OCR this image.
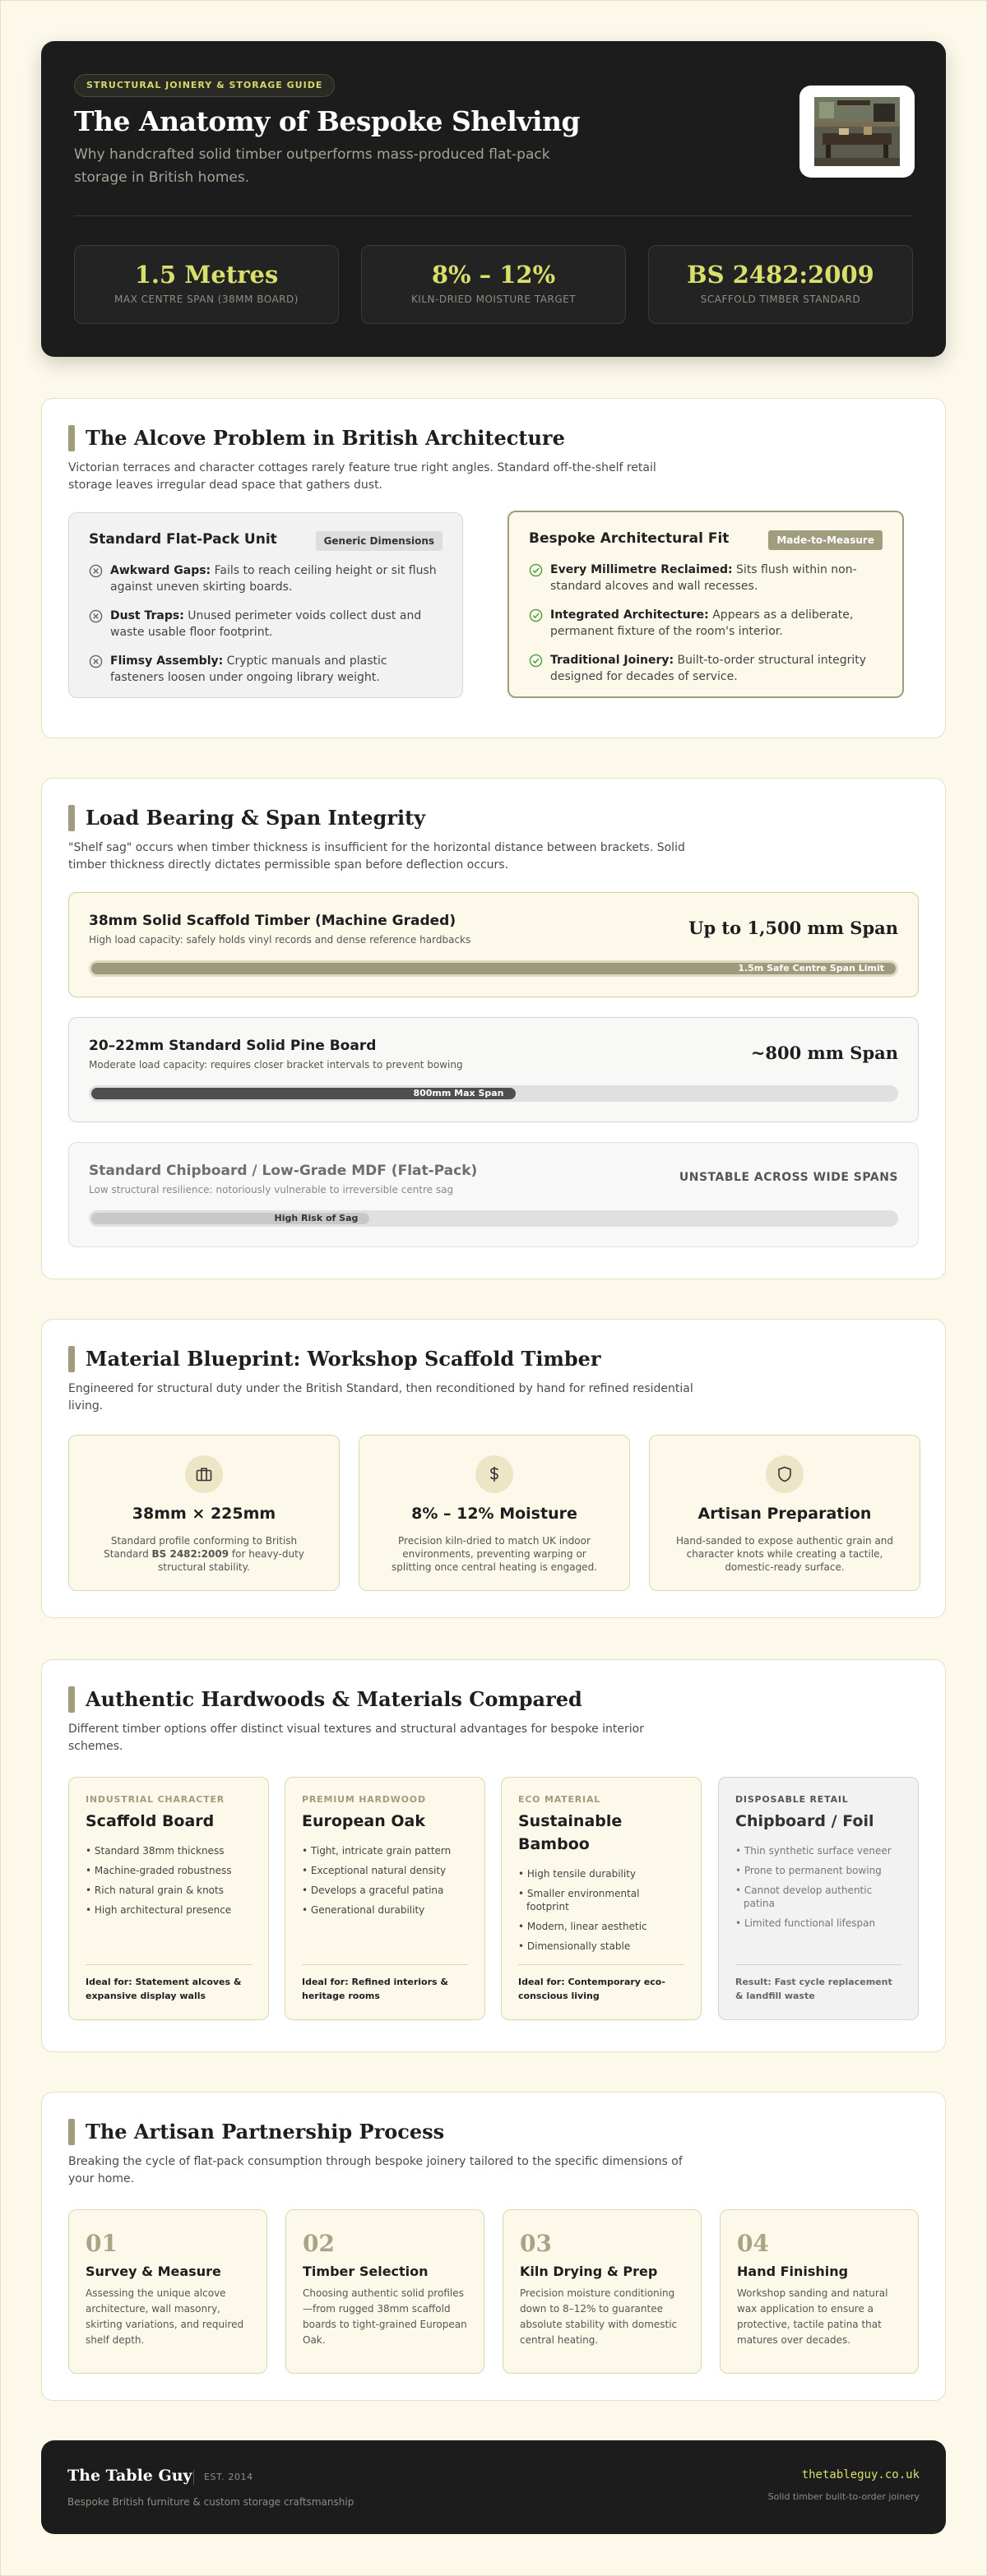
STRUCTURAL JOINERY & STORAGE GUIDE
The Anatomy of Bespoke Shelving

Why handcrafted solid timber outperforms mass-produced flat-pack storage in British homes.

1.5 Metres
MAX CENTRE SPAN (38MM BOARD)
8% – 12%
KILN-DRIED MOISTURE TARGET
BS 2482:2009
SCAFFOLD TIMBER STANDARD
The Alcove Problem in British Architecture

Victorian terraces and character cottages rarely feature true right angles. Standard off-the-shelf retail storage leaves irregular dead space that gathers dust.

Standard Flat-Pack Unit	Generic Dimensions
Awkward Gaps: Fails to reach ceiling height or sit flush against uneven skirting boards.
Dust Traps: Unused perimeter voids collect dust and waste usable floor footprint.
Flimsy Assembly: Cryptic manuals and plastic fasteners loosen under ongoing library weight.
Bespoke Architectural Fit	Made-to-Measure
Every Millimetre Reclaimed: Sits flush within non-standard alcoves and wall recesses.
Integrated Architecture: Appears as a deliberate, permanent fixture of the room's interior.
Traditional Joinery: Built-to-order structural integrity designed for decades of service.
Load Bearing & Span Integrity

"Shelf sag" occurs when timber thickness is insufficient for the horizontal distance between brackets. Solid timber thickness directly dictates permissible span before deflection occurs.

38mm Solid Scaffold Timber (Machine Graded)
High load capacity: safely holds vinyl records and dense reference hardbacks
Up to 1,500 mm Span
1.5m Safe Centre Span Limit
20–22mm Standard Solid Pine Board
Moderate load capacity: requires closer bracket intervals to prevent bowing
~800 mm Span
800mm Max Span
Standard Chipboard / Low-Grade MDF (Flat-Pack)
Low structural resilience: notoriously vulnerable to irreversible centre sag
UNSTABLE ACROSS WIDE SPANS
High Risk of Sag
Material Blueprint: Workshop Scaffold Timber

Engineered for structural duty under the British Standard, then reconditioned by hand for refined residential living.

38mm × 225mm
Standard profile conforming to British Standard BS 2482:2009 for heavy-duty structural stability.
8% – 12% Moisture
Precision kiln-dried to match UK indoor environments, preventing warping or splitting once central heating is engaged.
Artisan Preparation
Hand-sanded to expose authentic grain and character knots while creating a tactile, domestic-ready surface.
Authentic Hardwoods & Materials Compared

Different timber options offer distinct visual textures and structural advantages for bespoke interior schemes.

INDUSTRIAL CHARACTER
Scaffold Board
• Standard 38mm thickness
• Machine-graded robustness
• Rich natural grain & knots
• High architectural presence
Ideal for: Statement alcoves & expansive display walls
PREMIUM HARDWOOD
European Oak
• Tight, intricate grain pattern
• Exceptional natural density
• Develops a graceful patina
• Generational durability
Ideal for: Refined interiors & heritage rooms
ECO MATERIAL
Sustainable Bamboo
• High tensile durability
• Smaller environmental footprint
• Modern, linear aesthetic
• Dimensionally stable
Ideal for: Contemporary eco-conscious living
DISPOSABLE RETAIL
Chipboard / Foil
• Thin synthetic surface veneer
• Prone to permanent bowing
• Cannot develop authentic patina
• Limited functional lifespan
Result: Fast cycle replacement & landfill waste
The Artisan Partnership Process

Breaking the cycle of flat-pack consumption through bespoke joinery tailored to the specific dimensions of your home.

01
Survey & Measure
Assessing the unique alcove architecture, wall masonry, skirting variations, and required shelf depth.
02
Timber Selection
Choosing authentic solid profiles—from rugged 38mm scaffold boards to tight-grained European Oak.
03
Kiln Drying & Prep
Precision moisture conditioning down to 8–12% to guarantee absolute stability with domestic central heating.
04
Hand Finishing
Workshop sanding and natural wax application to ensure a protective, tactile patina that matures over decades.
The Table Guy EST. 2014
Bespoke British furniture & custom storage craftsmanship
thetableguy.co.uk
Solid timber built-to-order joinery
